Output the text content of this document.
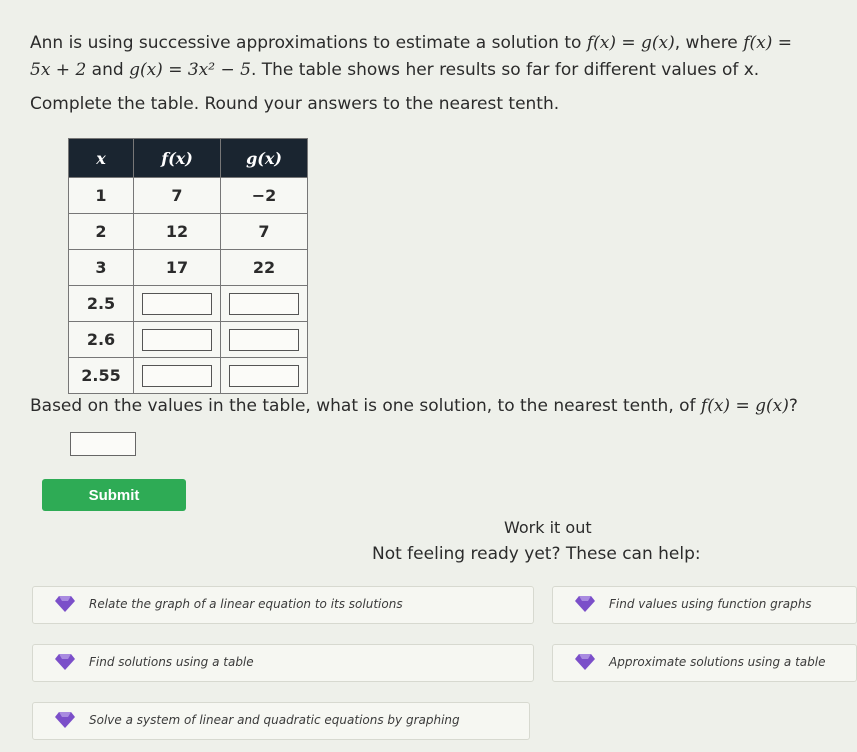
Ann is using successive approximations to estimate a solution to f(x) = g(x), where f(x) =
5x + 2 and g(x) = 3x² − 5. The table shows her results so far for different values of x.
Complete the table. Round your answers to the nearest tenth.
x	f(x)	g(x)
1	7	−2
2	12	7
3	17	22
2.5		
2.6		
2.55		
Based on the values in the table, what is one solution, to the nearest tenth, of f(x) = g(x)?
Submit
Work it out
Not feeling ready yet? These can help:
Relate the graph of a linear equation to its solutions	Find values using function graphs
Find solutions using a table	Approximate solutions using a table
Solve a system of linear and quadratic equations by graphing
